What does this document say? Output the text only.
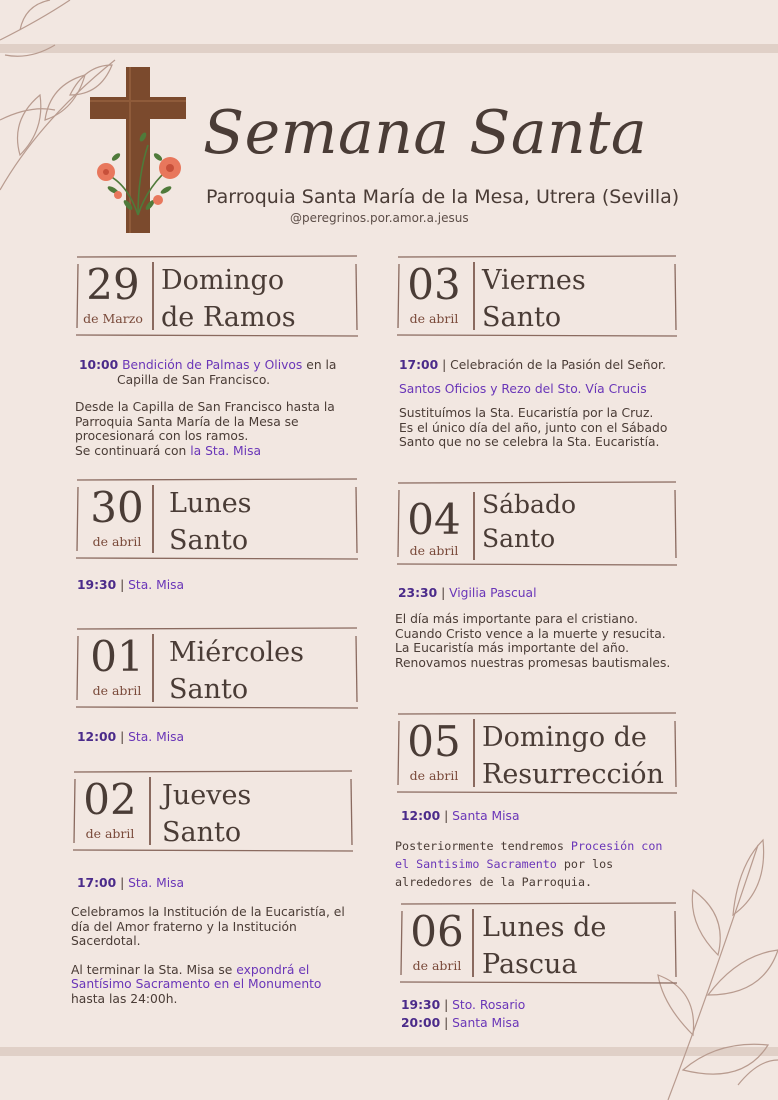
Semana Santa
Parroquia Santa María de la Mesa, Utrera (Sevilla)
@peregrinos.por.amor.a.jesus
29
de Marzo
Domingo
de Ramos
10:00 Bendición de Palmas y Olivos en la
Capilla de San Francisco.
Desde la Capilla de San Francisco hasta la
Parroquia Santa María de la Mesa se
procesionará con los ramos.
Se continuará con la Sta. Misa
30
de abril
Lunes
Santo
19:30 | Sta. Misa
01
de abril
Miércoles
Santo
12:00 | Sta. Misa
02
de abril
Jueves
Santo
17:00 | Sta. Misa
Celebramos la Institución de la Eucaristía, el
día del Amor fraterno y la Institución
Sacerdotal.

Al terminar la Sta. Misa se expondrá el
Santísimo Sacramento en el Monumento
hasta las 24:00h.
03
de abril
Viernes
Santo
17:00 | Celebración de la Pasión del Señor.
Santos Oficios y Rezo del Sto. Vía Crucis
Sustituímos la Sta. Eucaristía por la Cruz.
Es el único día del año, junto con el Sábado
Santo que no se celebra la Sta. Eucaristía.
04
de abril
Sábado
Santo
23:30 | Vigilia Pascual
El día más importante para el cristiano.
Cuando Cristo vence a la muerte y resucita.
La Eucaristía más importante del año.
Renovamos nuestras promesas bautismales.
05
de abril
Domingo de
Resurrección
12:00 | Santa Misa
Posteriormente tendremos Procesión con
el Santisimo Sacramento por los
alrededores de la Parroquia.
06
de abril
Lunes de
Pascua
19:30 | Sto. Rosario
20:00 | Santa Misa
